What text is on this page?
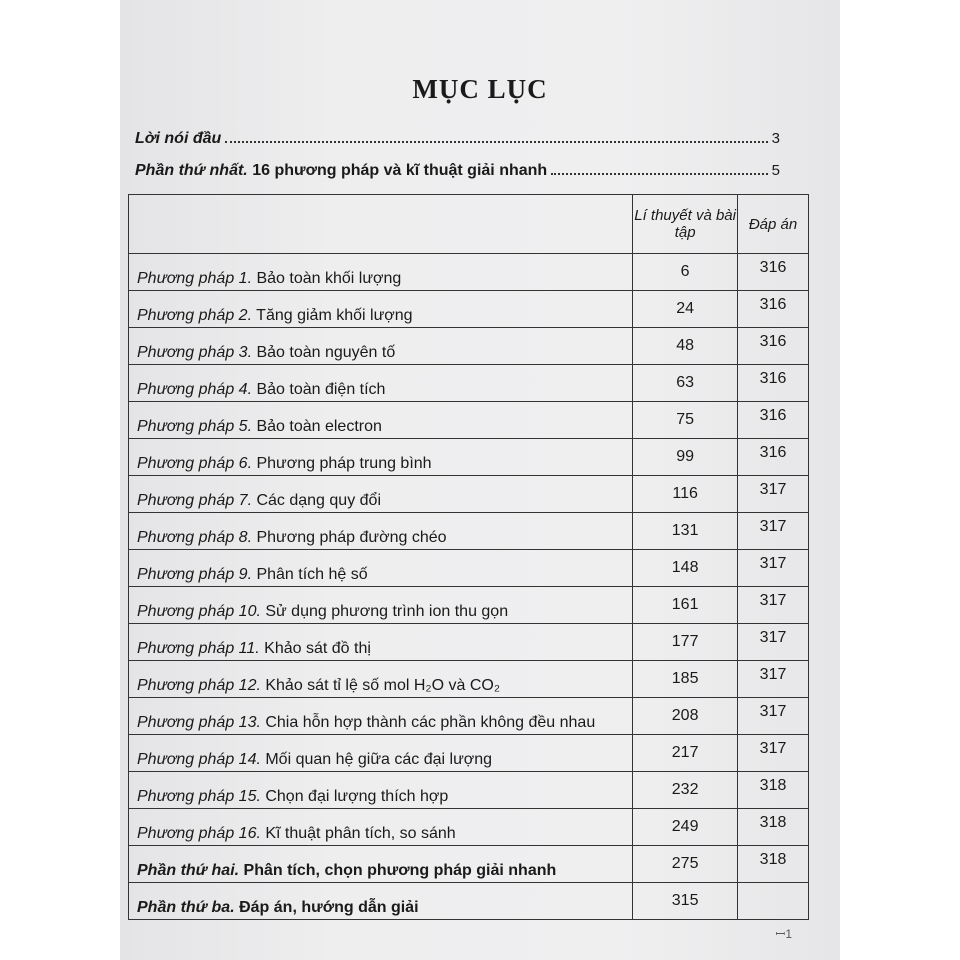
MỤC LỤC
Lời nói đầu	3
Phần thứ nhất. 16 phương pháp và kĩ thuật giải nhanh	5
	Lí thuyết và bài tập	Đáp án
Phương pháp 1. Bảo toàn khối lượng	6	316
Phương pháp 2. Tăng giảm khối lượng	24	316
Phương pháp 3. Bảo toàn nguyên tố	48	316
Phương pháp 4. Bảo toàn điện tích	63	316
Phương pháp 5. Bảo toàn electron	75	316
Phương pháp 6. Phương pháp trung bình	99	316
Phương pháp 7. Các dạng quy đổi	116	317
Phương pháp 8. Phương pháp đường chéo	131	317
Phương pháp 9. Phân tích hệ số	148	317
Phương pháp 10. Sử dụng phương trình ion thu gọn	161	317
Phương pháp 11. Khảo sát đồ thị	177	317
Phương pháp 12. Khảo sát tỉ lệ số mol H₂O và CO₂	185	317
Phương pháp 13. Chia hỗn hợp thành các phần không đều nhau	208	317
Phương pháp 14. Mối quan hệ giữa các đại lượng	217	317
Phương pháp 15. Chọn đại lượng thích hợp	232	318
Phương pháp 16. Kĩ thuật phân tích, so sánh	249	318
Phần thứ hai. Phân tích, chọn phương pháp giải nhanh	275	318
Phần thứ ba. Đáp án, hướng dẫn giải	315	
ꟷ1
